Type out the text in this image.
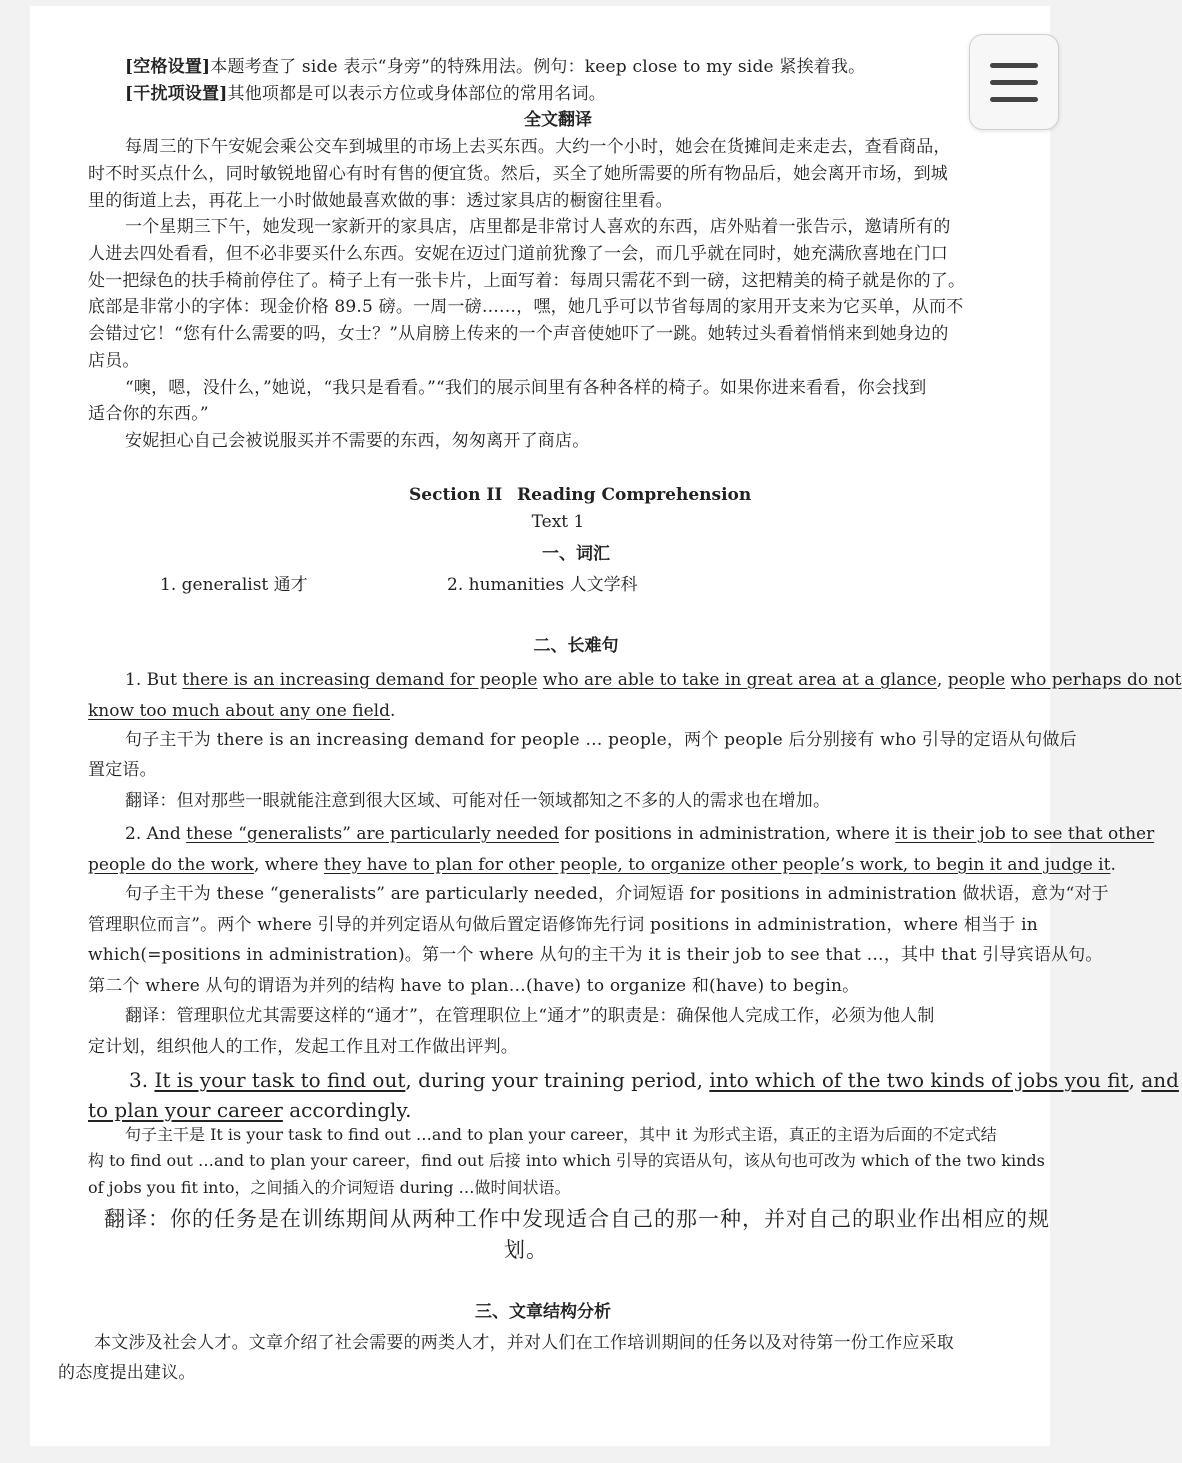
[空格设置]本题考查了 side 表示“身旁”的特殊用法。例句：keep close to my side 紧挨着我。
[干扰项设置]其他项都是可以表示方位或身体部位的常用名词。
全文翻译
每周三的下午安妮会乘公交车到城里的市场上去买东西。大约一个小时，她会在货摊间走来走去，查看商品，
时不时买点什么，同时敏锐地留心有时有售的便宜货。然后，买全了她所需要的所有物品后，她会离开市场，到城
里的街道上去，再花上一小时做她最喜欢做的事：透过家具店的橱窗往里看。
一个星期三下午，她发现一家新开的家具店，店里都是非常讨人喜欢的东西，店外贴着一张告示，邀请所有的
人进去四处看看，但不必非要买什么东西。安妮在迈过门道前犹豫了一会，而几乎就在同时，她充满欣喜地在门口
处一把绿色的扶手椅前停住了。椅子上有一张卡片，上面写着：每周只需花不到一磅，这把精美的椅子就是你的了。
底部是非常小的字体：现金价格 89.5 磅。一周一磅……，嘿，她几乎可以节省每周的家用开支来为它买单，从而不
会错过它！“您有什么需要的吗，女士？”从肩膀上传来的一个声音使她吓了一跳。她转过头看着悄悄来到她身边的
店员。
“噢，嗯，没什么，”她说，“我只是看看。”“我们的展示间里有各种各样的椅子。如果你进来看看，你会找到
适合你的东西。”
安妮担心自己会被说服买并不需要的东西，匆匆离开了商店。
Section II Reading Comprehension
Text 1
一、词汇
1. generalist 通才	2. humanities 人文学科
二、长难句
1. But there is an increasing demand for people who are able to take in great area at a glance, people who perhaps do not
know too much about any one field.
句子主干为 there is an increasing demand for people … people，两个 people 后分别接有 who 引导的定语从句做后
置定语。
翻译：但对那些一眼就能注意到很大区域、可能对任一领域都知之不多的人的需求也在增加。
2. And these “generalists” are particularly needed for positions in administration, where it is their job to see that other
people do the work, where they have to plan for other people, to organize other people’s work, to begin it and judge it.
句子主干为 these “generalists” are particularly needed，介词短语 for positions in administration 做状语，意为“对于
管理职位而言”。两个 where 引导的并列定语从句做后置定语修饰先行词 positions in administration，where 相当于 in
which(=positions in administration)。第一个 where 从句的主干为 it is their job to see that …，其中 that 引导宾语从句。
第二个 where 从句的谓语为并列的结构 have to plan…(have) to organize 和(have) to begin。
翻译：管理职位尤其需要这样的“通才”，在管理职位上“通才”的职责是：确保他人完成工作，必须为他人制
定计划，组织他人的工作，发起工作且对工作做出评判。
3. It is your task to find out, during your training period, into which of the two kinds of jobs you fit, and
to plan your career accordingly.
句子主干是 It is your task to find out …and to plan your career，其中 it 为形式主语，真正的主语为后面的不定式结
构 to find out …and to plan your career，find out 后接 into which 引导的宾语从句，该从句也可改为 which of the two kinds
of jobs you fit into，之间插入的介词短语 during …做时间状语。
翻译：你的任务是在训练期间从两种工作中发现适合自己的那一种，并对自己的职业作出相应的规
划。
三、文章结构分析
本文涉及社会人才。文章介绍了社会需要的两类人才，并对人们在工作培训期间的任务以及对待第一份工作应采取
的态度提出建议。
